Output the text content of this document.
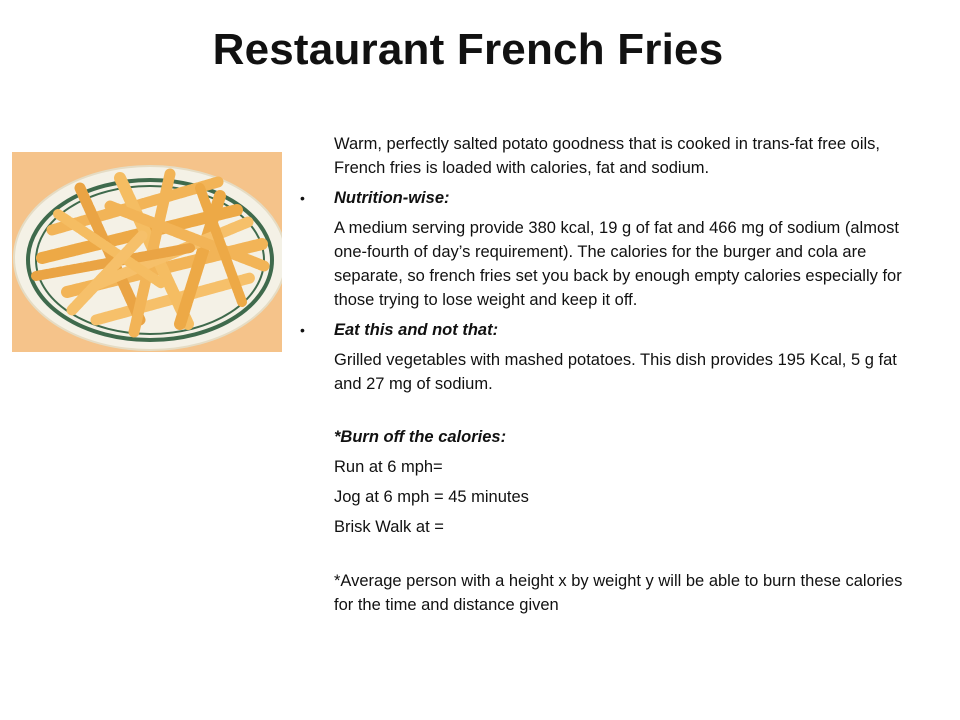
Restaurant French Fries
Warm, perfectly salted potato goodness that is cooked in trans-fat free oils, French fries is loaded with calories, fat and sodium.
• Nutrition-wise:
A medium serving provide 380 kcal, 19 g of fat and 466 mg of sodium (almost one-fourth of day’s requirement). The calories for the burger and cola are separate, so french fries set you back by enough empty calories especially for those trying to lose weight and keep it off.
• Eat this and not that:
Grilled vegetables with mashed potatoes. This dish provides 195 Kcal, 5 g fat and 27 mg of sodium.
*Burn off the calories:
Run at 6 mph=
Jog at 6 mph = 45 minutes
Brisk Walk at =
*Average person with a height x by weight y will be able to burn these calories for the time and distance given
